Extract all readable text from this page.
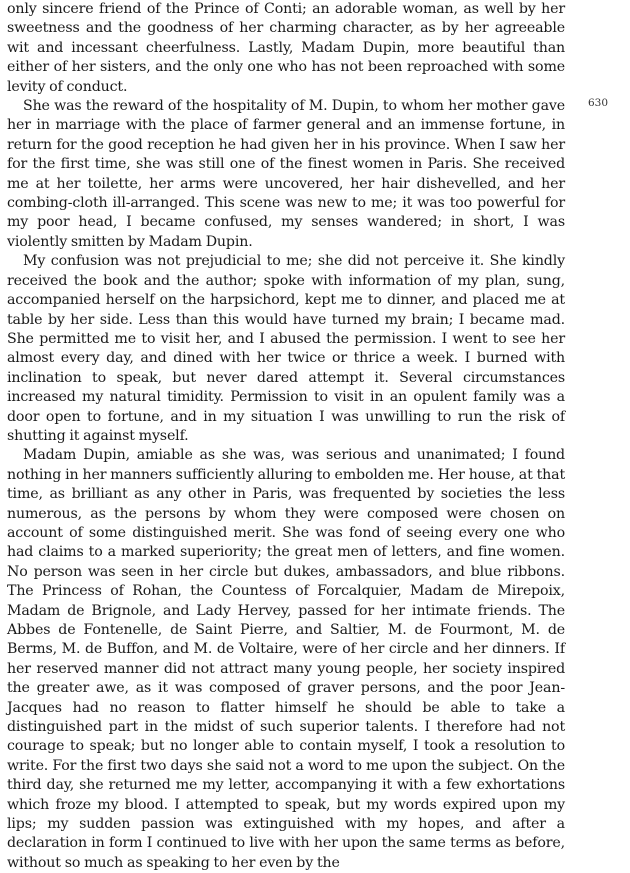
only sincere friend of the Prince of Conti; an adorable woman, as well by her sweetness and the goodness of her charming character, as by her agreeable wit and incessant cheerfulness. Lastly, Madam Dupin, more beautiful than either of her sisters, and the only one who has not been reproached with some levity of conduct.

She was the reward of the hospitality of M. Dupin, to whom her mother gave her in marriage with the place of farmer general and an immense fortune, in return for the good reception he had given her in his province. When I saw her for the first time, she was still one of the finest women in Paris. She received me at her toilette, her arms were uncovered, her hair dishevelled, and her combing-cloth ill-arranged. This scene was new to me; it was too powerful for my poor head, I became confused, my senses wandered; in short, I was violently smitten by Madam Dupin.

My confusion was not prejudicial to me; she did not perceive it. She kindly received the book and the author; spoke with information of my plan, sung, accompanied herself on the harpsichord, kept me to dinner, and placed me at table by her side. Less than this would have turned my brain; I became mad. She permitted me to visit her, and I abused the permission. I went to see her almost every day, and dined with her twice or thrice a week. I burned with inclination to speak, but never dared attempt it. Several circumstances increased my natural timidity. Permission to visit in an opulent family was a door open to fortune, and in my situation I was unwilling to run the risk of shutting it against myself.

Madam Dupin, amiable as she was, was serious and unanimated; I found nothing in her manners sufficiently alluring to embolden me. Her house, at that time, as brilliant as any other in Paris, was frequented by societies the less numerous, as the persons by whom they were composed were chosen on account of some distinguished merit. She was fond of seeing every one who had claims to a marked superiority; the great men of letters, and fine women. No person was seen in her circle but dukes, ambassadors, and blue ribbons. The Princess of Rohan, the Countess of Forcalquier, Madam de Mirepoix, Madam de Brignole, and Lady Hervey, passed for her intimate friends. The Abbes de Fontenelle, de Saint Pierre, and Saltier, M. de Fourmont, M. de Berms, M. de Buffon, and M. de Voltaire, were of her circle and her dinners. If her reserved manner did not attract many young people, her society inspired the greater awe, as it was composed of graver persons, and the poor Jean-Jacques had no reason to flatter himself he should be able to take a distinguished part in the midst of such superior talents. I therefore had not courage to speak; but no longer able to contain myself, I took a resolution to write. For the first two days she said not a word to me upon the subject. On the third day, she returned me my letter, accompanying it with a few exhortations which froze my blood. I attempted to speak, but my words expired upon my lips; my sudden passion was extinguished with my hopes, and after a declaration in form I continued to live with her upon the same terms as before, without so much as speaking to her even by the

630
